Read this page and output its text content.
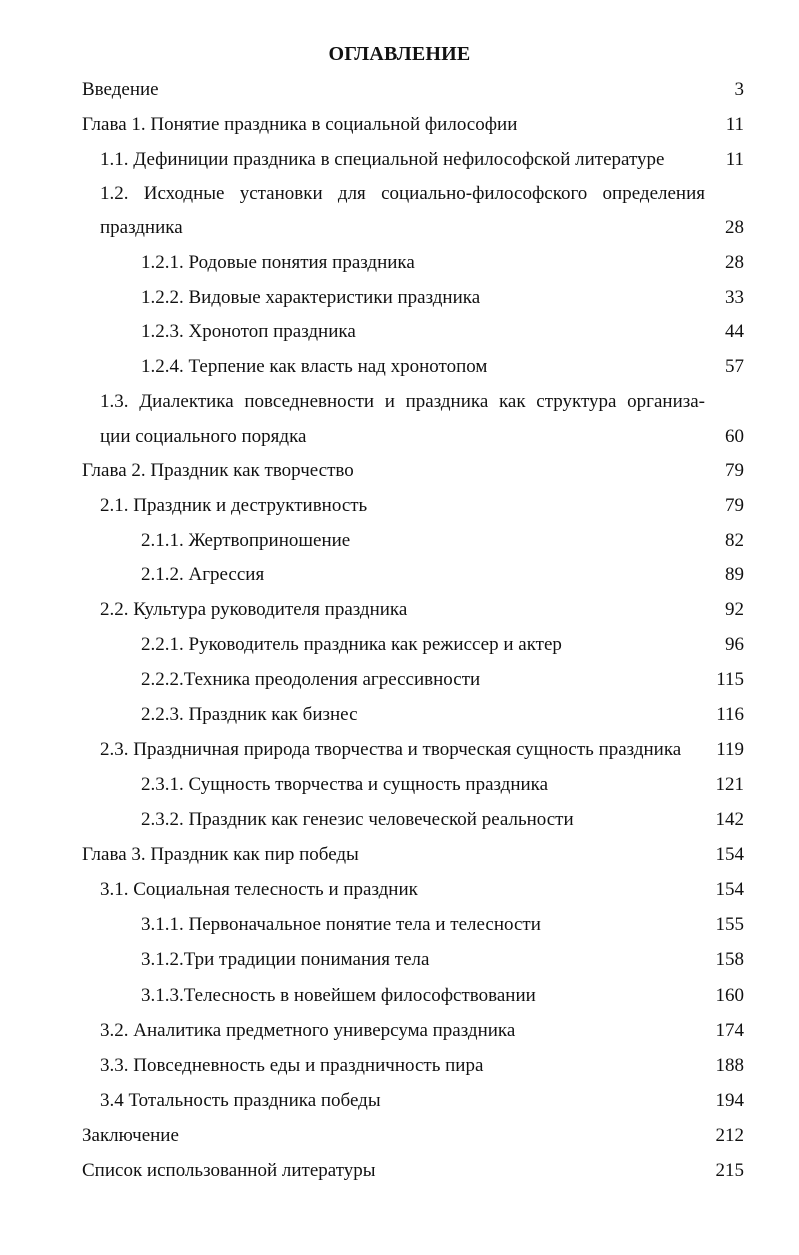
ОГЛАВЛЕНИЕ
Введение	3
Глава 1. Понятие праздника в социальной философии	11
1.1. Дефиниции праздника в специальной нефилософской литературе	11
1.2. Исходные установки для социально-философского определения
праздника	28
1.2.1. Родовые понятия праздника	28
1.2.2. Видовые характеристики праздника	33
1.2.3. Хронотоп праздника	44
1.2.4. Терпение как власть над хронотопом	57
1.3. Диалектика повседневности и праздника как структура организа-
ции социального порядка	60
Глава 2. Праздник как творчество	79
2.1. Праздник и деструктивность	79
2.1.1. Жертвоприношение	82
2.1.2. Агрессия	89
2.2. Культура руководителя праздника	92
2.2.1. Руководитель праздника как режиссер и актер	96
2.2.2.Техника преодоления агрессивности	115
2.2.3. Праздник как бизнес	116
2.3. Праздничная природа творчества и творческая сущность праздника	119
2.3.1. Сущность творчества и сущность праздника	121
2.3.2. Праздник как генезис человеческой реальности	142
Глава 3. Праздник как пир победы	154
3.1. Социальная телесность и праздник	154
3.1.1. Первоначальное понятие тела и телесности	155
3.1.2.Три традиции понимания тела	158
3.1.3.Телесность в новейшем философствовании	160
3.2. Аналитика предметного универсума праздника	174
3.3. Повседневность еды и праздничность пира	188
3.4 Тотальность праздника победы	194
Заключение	212
Список использованной литературы	215
